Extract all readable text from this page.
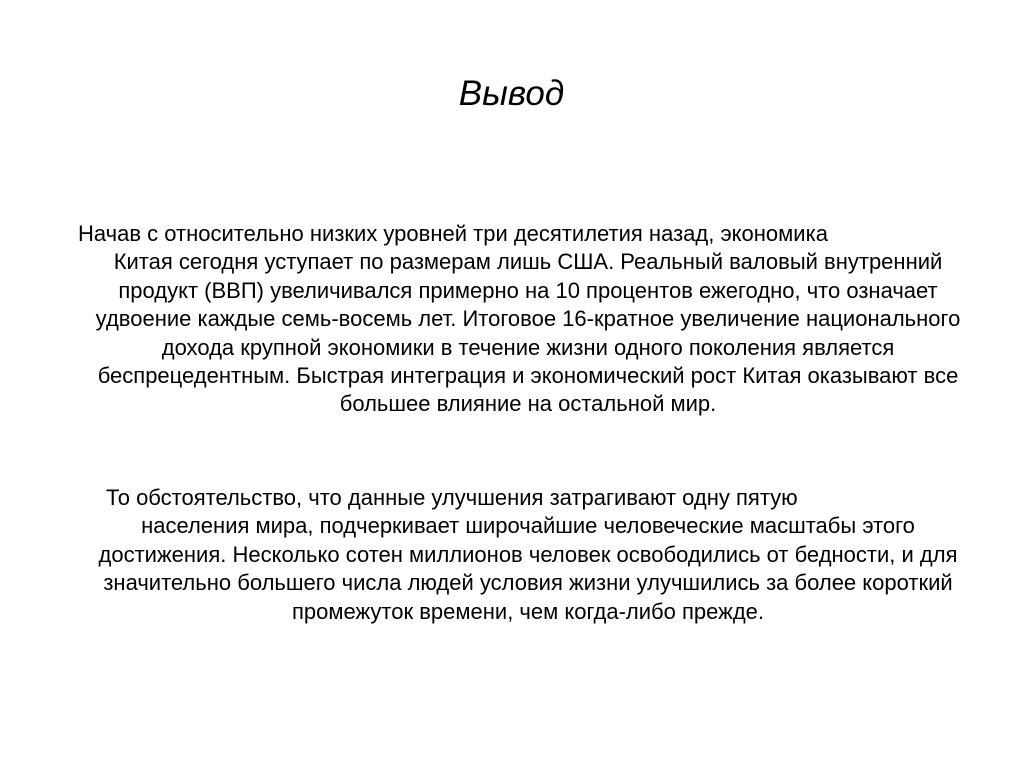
Вывод
Начав с относительно низких уровней три десятилетия назад, экономика
Китая сегодня уступает по размерам лишь США. Реальный валовый внутренний продукт (ВВП) увеличивался примерно на 10 процентов ежегодно, что означает удвоение каждые семь-восемь лет. Итоговое 16-кратное увеличение национального дохода крупной экономики в течение жизни одного поколения является беспрецедентным. Быстрая интеграция и экономический рост Китая оказывают все большее влияние на остальной мир.
То обстоятельство, что данные улучшения затрагивают одну пятую
населения мира, подчеркивает широчайшие человеческие масштабы этого достижения. Несколько сотен миллионов человек освободились от бедности, и для значительно большего числа людей условия жизни улучшились за более короткий промежуток времени, чем когда-либо прежде.
